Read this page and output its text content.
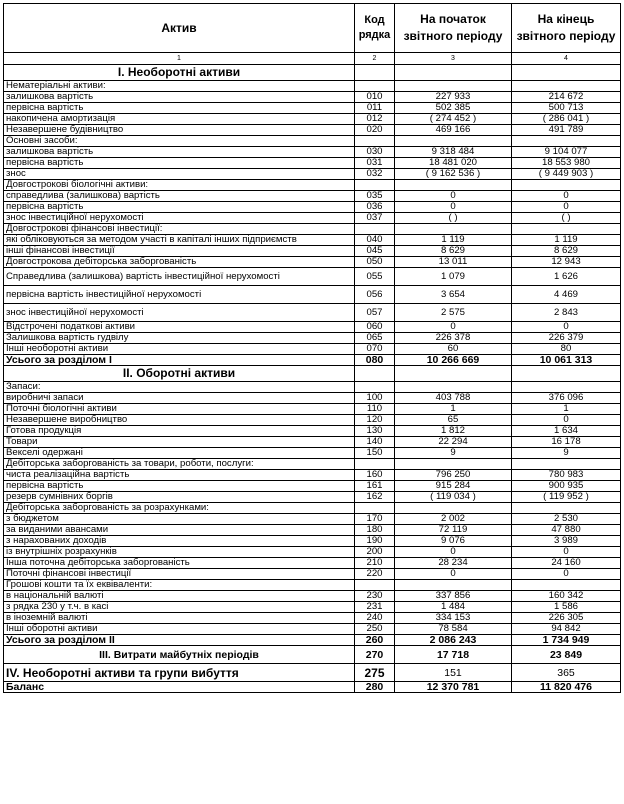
Актив	Код рядка	На початок звітного періоду	На кінець звітного періоду
1	2	3	4
І. Необоротні активи			
Нематеріальні активи:			
залишкова вартість	010	227 933	214 672
первісна вартість	011	502 385	500 713
накопичена амортизація	012	( 274 452 )	( 286 041 )
Незавершене будівництво	020	469 166	491 789
Основні засоби:			
залишкова вартість	030	9 318 484	9 104 077
первісна вартість	031	18 481 020	18 553 980
знос	032	( 9 162 536 )	( 9 449 903 )
Довгострокові біологічні активи:			
справедлива (залишкова) вартість	035	0	0
первісна вартість	036	0	0
знос інвестиційної нерухомості	037	( )	( )
Довгострокові фінансові інвестиції:			
які обліковуються за методом участі в капіталі інших підприємств	040	1 119	1 119
інші фінансові інвестиції	045	8 629	8 629
Довгострокова дебіторська заборгованість	050	13 011	12 943
Справедлива (залишкова) вартість інвестиційної нерухомості	055	1 079	1 626
первісна вартість інвестиційної нерухомості	056	3 654	4 469
знос інвестиційної нерухомості	057	2 575	2 843
Відстрочені податкові активи	060	0	0
Залишкова вартість гудвілу	065	226 378	226 379
Інші необоротні активи	070	60	80
Усього за розділом І	080	10 266 669	10 061 313
II. Оборотні активи			
Запаси:			
виробничі запаси	100	403 788	376 096
Поточні біологічні активи	110	1	1
Незавершене виробництво	120	65	0
Готова продукція	130	1 812	1 634
Товари	140	22 294	16 178
Векселі одержані	150	9	9
Дебіторська заборгованість за товари, роботи, послуги:			
чиста реалізаційна вартість	160	796 250	780 983
первісна вартість	161	915 284	900 935
резерв сумнівних боргів	162	( 119 034 )	( 119 952 )
Дебіторська заборгованість за розрахунками:			
з бюджетом	170	2 002	2 530
за виданими авансами	180	72 119	47 880
з нарахованих доходів	190	9 076	3 989
із внутрішніх розрахунків	200	0	0
Інша поточна дебіторська заборгованість	210	28 234	24 160
Поточні фінансові інвестиції	220	0	0
Грошові кошти та їх еквіваленти:			
в національній валюті	230	337 856	160 342
з рядка 230 у т.ч. в касі	231	1 484	1 586
в іноземній валюті	240	334 153	226 305
Інші оборотні активи	250	78 584	94 842
Усього за розділом ІІ	260	2 086 243	1 734 949
III. Витрати майбутніх періодів	270	17 718	23 849
IV. Необоротні активи та групи вибуття	275	151	365
Баланс	280	12 370 781	11 820 476
